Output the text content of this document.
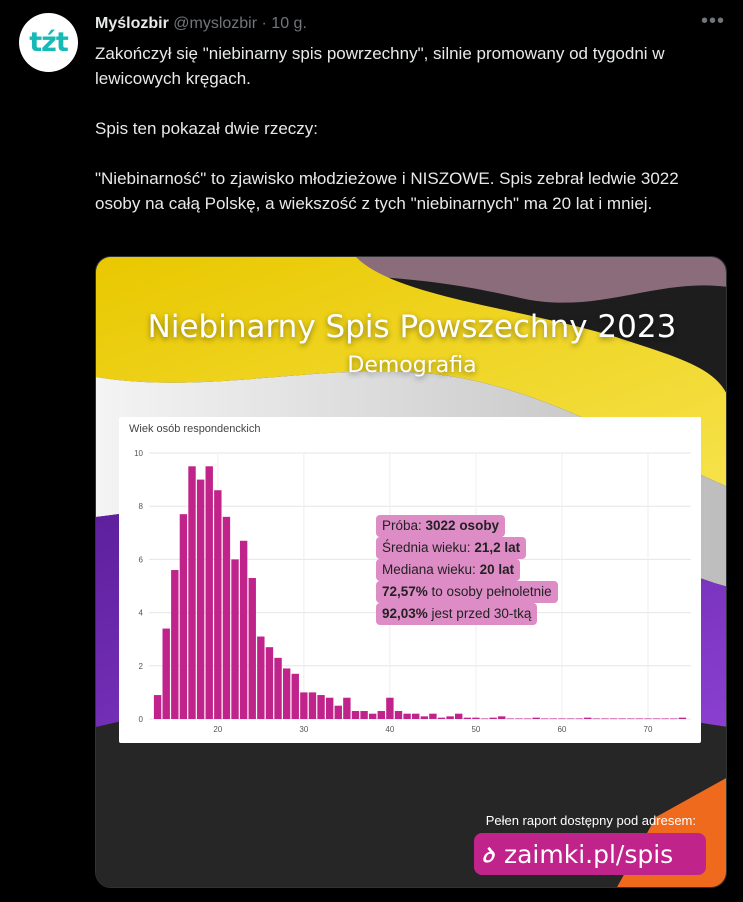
tźt
Myślozbir @myslozbir · 10 g.	•••

Zakończył się "niebinarny spis powrzechny", silnie promowany od tygodni w lewicowych kręgach.

Spis ten pokazał dwie rzeczy:

"Niebinarność" to zjawisko młodzieżowe i NISZOWE. Spis zebrał ledwie 3022 osoby na całą Polskę, a wiekszość z tych "niebinarnych" ma 20 lat i mniej.

Niebinarny Spis Powszechny 2023
Demografia
Wiek osób respondenckich
0
2
4
6
8
10
20	30	40	50	60	70
Próba: 3022 osoby
Średnia wieku: 21,2 lat
Mediana wieku: 20 lat
72,57% to osoby pełnoletnie
92,03% jest przed 30-tką
Pełen raport dostępny pod adresem:
ꝺ zaimki.pl/spis
